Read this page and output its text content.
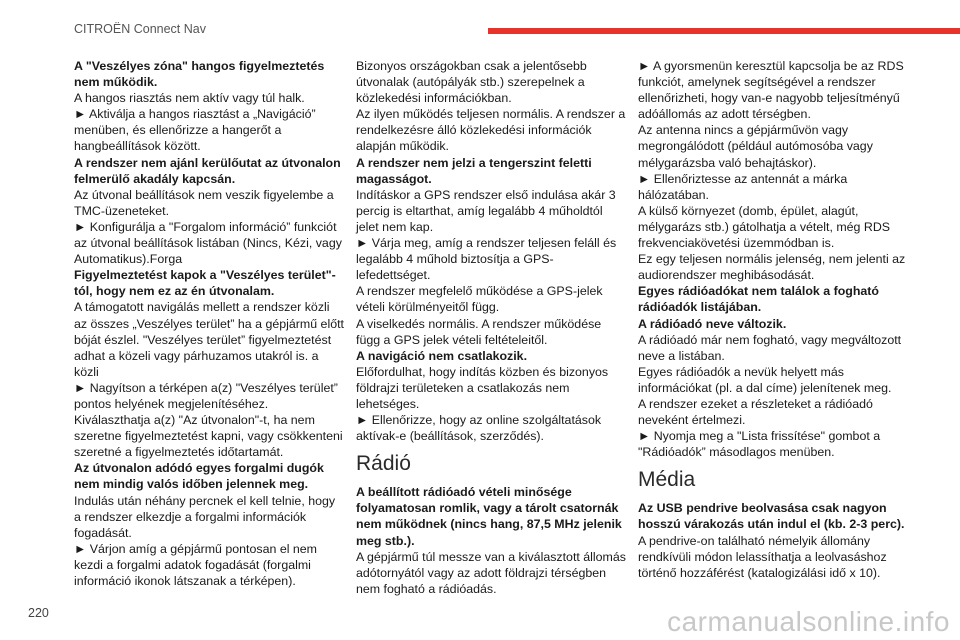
CITROËN Connect Nav

A "Veszélyes zóna" hangos figyelmeztetés nem működik.

A hangos riasztás nem aktív vagy túl halk.

► Aktiválja a hangos riasztást a „Navigáció” menüben, és ellenőrizze a hangerőt a hangbeállítások között.

A rendszer nem ajánl kerülőutat az útvonalon felmerülő akadály kapcsán.

Az útvonal beállítások nem veszik figyelembe a TMC-üzeneteket.

► Konfigurálja a "Forgalom információ” funkciót az útvonal beállítások listában (Nincs, Kézi, vagy Automatikus).Forga

Figyelmeztetést kapok a "Veszélyes terület"-tól, hogy nem ez az én útvonalam.

A támogatott navigálás mellett a rendszer közli az összes „Veszélyes terület” ha a gépjármű előtt bóját észlel. "Veszélyes terület” figyelmeztetést adhat a közeli vagy párhuzamos utakról is. a közli

► Nagyítson a térképen a(z) "Veszélyes terület” pontos helyének megjelenítéséhez. Kiválaszthatja a(z) "Az útvonalon"-t, ha nem szeretne figyelmeztetést kapni, vagy csökkenteni szeretné a figyelmeztetés időtartamát.

Az útvonalon adódó egyes forgalmi dugók nem mindig valós időben jelennek meg.

Indulás után néhány percnek el kell telnie, hogy a rendszer elkezdje a forgalmi információk fogadását.

► Várjon amíg a gépjármű pontosan el nem kezdi a forgalmi adatok fogadását (forgalmi információ ikonok látszanak a térképen).

Bizonyos országokban csak a jelentősebb útvonalak (autópályák stb.) szerepelnek a közlekedési információkban.

Az ilyen működés teljesen normális. A rendszer a rendelkezésre álló közlekedési információk alapján működik.

A rendszer nem jelzi a tengerszint feletti magasságot.

Indításkor a GPS rendszer első indulása akár 3 percig is eltarthat, amíg legalább 4 műholdtól jelet nem kap.

► Várja meg, amíg a rendszer teljesen feláll és legalább 4 műhold biztosítja a GPS-lefedettséget.

A rendszer megfelelő működése a GPS-jelek vételi körülményeitől függ.

A viselkedés normális. A rendszer működése függ a GPS jelek vételi feltételeitől.

A navigáció nem csatlakozik.

Előfordulhat, hogy indítás közben és bizonyos földrajzi területeken a csatlakozás nem lehetséges.

► Ellenőrizze, hogy az online szolgáltatások aktívak-e (beállítások, szerződés).

Rádió

A beállított rádióadó vételi minősége folyamatosan romlik, vagy a tárolt csatornák nem működnek (nincs hang, 87,5 MHz jelenik meg stb.).

A gépjármű túl messze van a kiválasztott állomás adótornyától vagy az adott földrajzi térségben nem fogható a rádióadás.

► A gyorsmenün keresztül kapcsolja be az RDS funkciót, amelynek segítségével a rendszer ellenőrizheti, hogy van-e nagyobb teljesítményű adóállomás az adott térségben.

Az antenna nincs a gépjárművön vagy megrongálódott (például autómosóba vagy mélygarázsba való behajtáskor).

► Ellenőriztesse az antennát a márka hálózatában.

A külső környezet (domb, épület, alagút, mélygarázs stb.) gátolhatja a vételt, még RDS frekvenciakövetési üzemmódban is.

Ez egy teljesen normális jelenség, nem jelenti az audiorendszer meghibásodását.

Egyes rádióadókat nem találok a fogható rádióadók listájában.

A rádióadó neve változik.

A rádióadó már nem fogható, vagy megváltozott neve a listában.

Egyes rádióadók a nevük helyett más információkat (pl. a dal címe) jelenítenek meg.

A rendszer ezeket a részleteket a rádióadó neveként értelmezi.

► Nyomja meg a "Lista frissítése" gombot a "Rádióadók” másodlagos menüben.

Média

Az USB pendrive beolvasása csak nagyon hosszú várakozás után indul el (kb. 2-3 perc).

A pendrive-on található némelyik állomány rendkívüli módon lelassíthatja a leolvasáshoz történő hozzáférést (katalogizálási idő x 10).

220	carmanualsonline.info
